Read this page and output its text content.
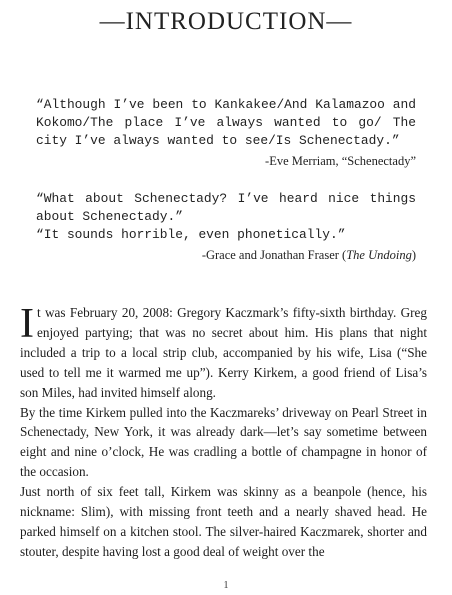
—INTRODUCTION—

“Although I’ve been to Kankakee/And Kalamazoo and Kokomo/The place I’ve always wanted to go/ The city I’ve always wanted to see/Is Schenectady.”

-Eve Merriam, “Schenectady”

“What about Schenectady? I’ve heard nice things about Schenectady.”

“It sounds horrible, even phonetically.”

-Grace and Jonathan Fraser (The Undoing)

It was February 20, 2008: Gregory Kaczmark’s fifty-sixth birthday. Greg enjoyed partying; that was no secret about him. His plans that night included a trip to a local strip club, accompanied by his wife, Lisa (“She used to tell me it warmed me up”). Kerry Kirkem, a good friend of Lisa’s son Miles, had invited himself along.

By the time Kirkem pulled into the Kaczmareks’ driveway on Pearl Street in Schenectady, New York, it was already dark—let’s say sometime between eight and nine o’clock, He was cradling a bottle of champagne in honor of the occasion.

Just north of six feet tall, Kirkem was skinny as a beanpole (hence, his nickname: Slim), with missing front teeth and a nearly shaved head. He parked himself on a kitchen stool. The silver-haired Kaczmarek, shorter and stouter, despite having lost a good deal of weight over the

1
